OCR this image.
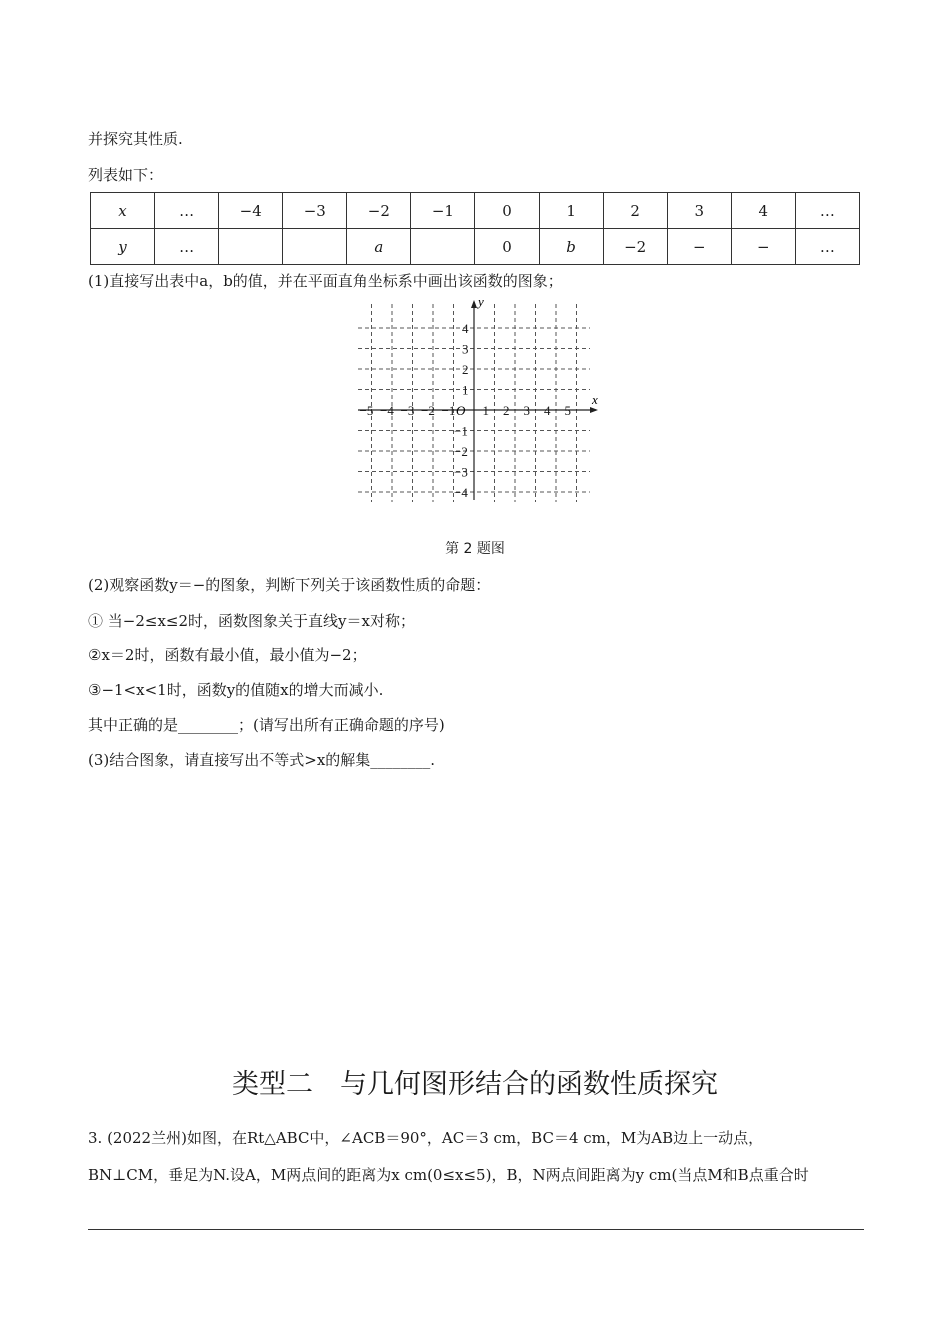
并探究其性质.
列表如下：
x	…	−4	−3	−2	−1	0	1	2	3	4	…
y	…			a		0	b	−2	−	−	…
(1)直接写出表中a，b的值，并在平面直角坐标系中画出该函数的图象；
x
y
O
−5 −4 −3 −2 −1 1 2 3 4 5
1
2
3
4
−1
−2
−3
−4
第 2 题图
(2)观察函数y＝−的图象，判断下列关于该函数性质的命题：
① 当−2≤x≤2时，函数图象关于直线y＝x对称；
②x＝2时，函数有最小值，最小值为−2；
③−1<x<1时，函数y的值随x的增大而减小.
其中正确的是________；(请写出所有正确命题的序号)
(3)结合图象，请直接写出不等式>x的解集________.
类型二　与几何图形结合的函数性质探究
3. (2022兰州)如图，在Rt△ABC中，∠ACB＝90°，AC＝3 cm，BC＝4 cm，M为AB边上一动点，
BN⊥CM，垂足为N.设A，M两点间的距离为x cm(0≤x≤5)，B，N两点间距离为y cm(当点M和B点重合时
